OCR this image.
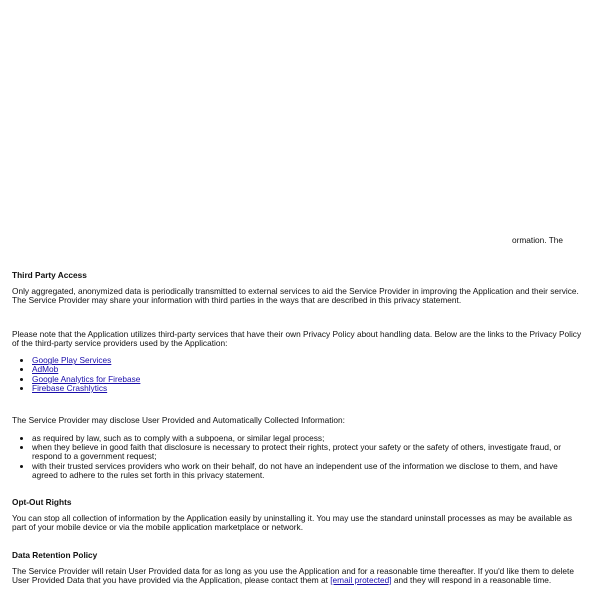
ormation. The
Third Party Access

Only aggregated, anonymized data is periodically transmitted to external services to aid the Service Provider in improving the Application and their service. The Service Provider may share your information with third parties in the ways that are described in this privacy statement.

Please note that the Application utilizes third-party services that have their own Privacy Policy about handling data. Below are the links to the Privacy Policy of the third-party service providers used by the Application:

• Google Play Services
• AdMob
• Google Analytics for Firebase
• Firebase Crashlytics

The Service Provider may disclose User Provided and Automatically Collected Information:

• as required by law, such as to comply with a subpoena, or similar legal process;
• when they believe in good faith that disclosure is necessary to protect their rights, protect your safety or the safety of others, investigate fraud, or respond to a government request;
• with their trusted services providers who work on their behalf, do not have an independent use of the information we disclose to them, and have agreed to adhere to the rules set forth in this privacy statement.
Opt-Out Rights

You can stop all collection of information by the Application easily by uninstalling it. You may use the standard uninstall processes as may be available as part of your mobile device or via the mobile application marketplace or network.

Data Retention Policy

The Service Provider will retain User Provided data for as long as you use the Application and for a reasonable time thereafter. If you'd like them to delete User Provided Data that you have provided via the Application, please contact them at [email protected] and they will respond in a reasonable time.
